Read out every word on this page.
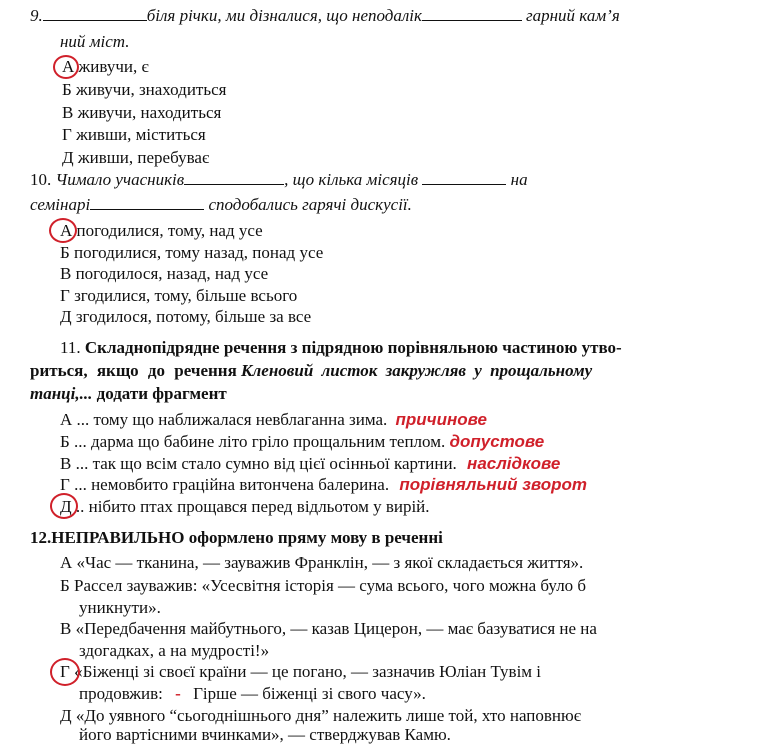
9.	біля річки, ми дізналися, що неподалік	гарний кам’я
ний міст.
А живучи, є
Б живучи, знаходиться
В живучи, находиться
Г живши, міститься
Д живши, перебуває
10. Чимало учасників	, що кілька місяців	на
семінарі	сподобались гарячі дискусії.
А погодилися, тому, над усе
Б погодилися, тому назад, понад усе
В погодилося, назад, над усе
Г згодилися, тому, більше всього
Д згодилося, потому, більше за все
11. Складнопідрядне речення з підрядною порівняльною частиною утво-
риться, якщо до речення Кленовий листок закружляв у прощальному
танці,... додати фрагмент
А ... тому що наближалася невблаганна зима. причинове
Б ... дарма що бабине літо гріло прощальним теплом. допустове
В ... так що всім стало сумно від цієї осінньої картини. наслідкове
Г ... немовбито грацiйна витончена балерина. порівняльний зворот
Д .. нібито птах прощався перед відльотом у вирій.
12.НЕПРАВИЛЬНО оформлено пряму мову в реченні
А «Час — тканина, — зауважив Франклін, — з якої складається життя».
Б Рассел зауважив: «Усесвітня історія — сума всього, чого можна було б
уникнути».
В «Передбачення майбутнього, — казав Цицерон, — має базуватися не на
здогадках, а на мудрості!»
Г «Біженці зі своєї країни — це погано, — зазначив Юліан Тувім і
продовжив: - Гірше — біженці зі свого часу».
Д «До уявного “сьогоднішнього дня” належить лише той, хто наповнює
його вартісними вчинками», — стверджував Камю.
